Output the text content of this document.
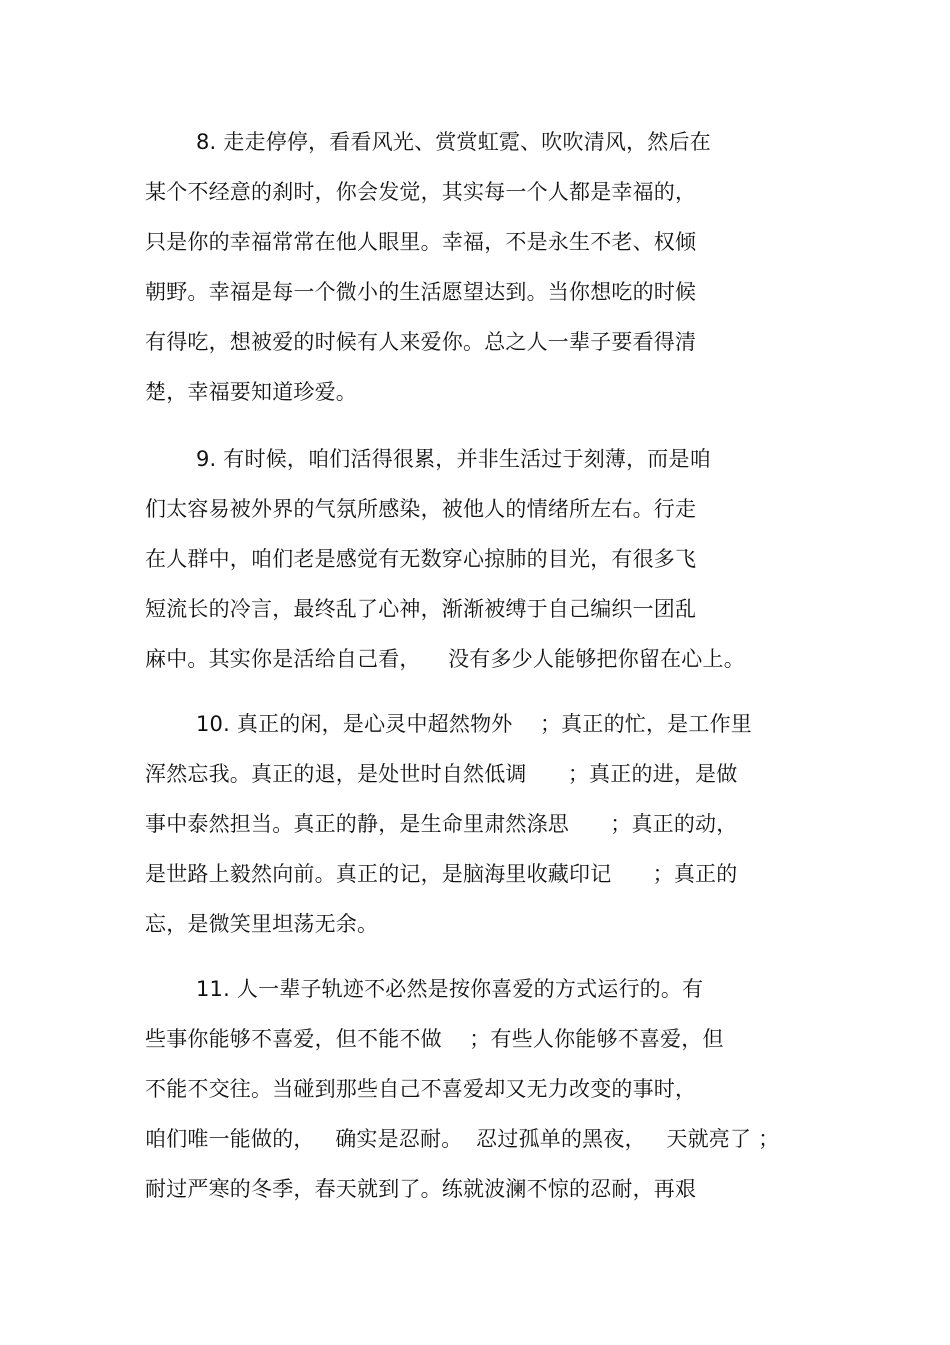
8. 走走停停，看看风光、赏赏虹霓、吹吹清风，然后在
某个不经意的刹时，你会发觉，其实每一个人都是幸福的，
只是你的幸福常常在他人眼里。幸福，不是永生不老、权倾
朝野。幸福是每一个微小的生活愿望达到。当你想吃的时候
有得吃，想被爱的时候有人来爱你。总之人一辈子要看得清
楚，幸福要知道珍爱。
9. 有时候，咱们活得很累，并非生活过于刻薄，而是咱
们太容易被外界的气氛所感染，被他人的情绪所左右。行走
在人群中，咱们老是感觉有无数穿心掠肺的目光，有很多飞
短流长的冷言，最终乱了心神，渐渐被缚于自己编织一团乱
麻中。其实你是活给自己看，    没有多少人能够把你留在心上。
10. 真正的闲，是心灵中超然物外    ；真正的忙，是工作里
浑然忘我。真正的退，是处世时自然低调      ；真正的进，是做
事中泰然担当。真正的静，是生命里肃然涤思      ；真正的动，
是世路上毅然向前。真正的记，是脑海里收藏印记      ；真正的
忘，是微笑里坦荡无余。
11. 人一辈子轨迹不必然是按你喜爱的方式运行的。有
些事你能够不喜爱，但不能不做    ；有些人你能够不喜爱，但
不能不交往。当碰到那些自己不喜爱却又无力改变的事时，
咱们唯一能做的，   确实是忍耐。  忍过孤单的黑夜，   天就亮了 ；
耐过严寒的冬季，春天就到了。练就波澜不惊的忍耐，再艰
